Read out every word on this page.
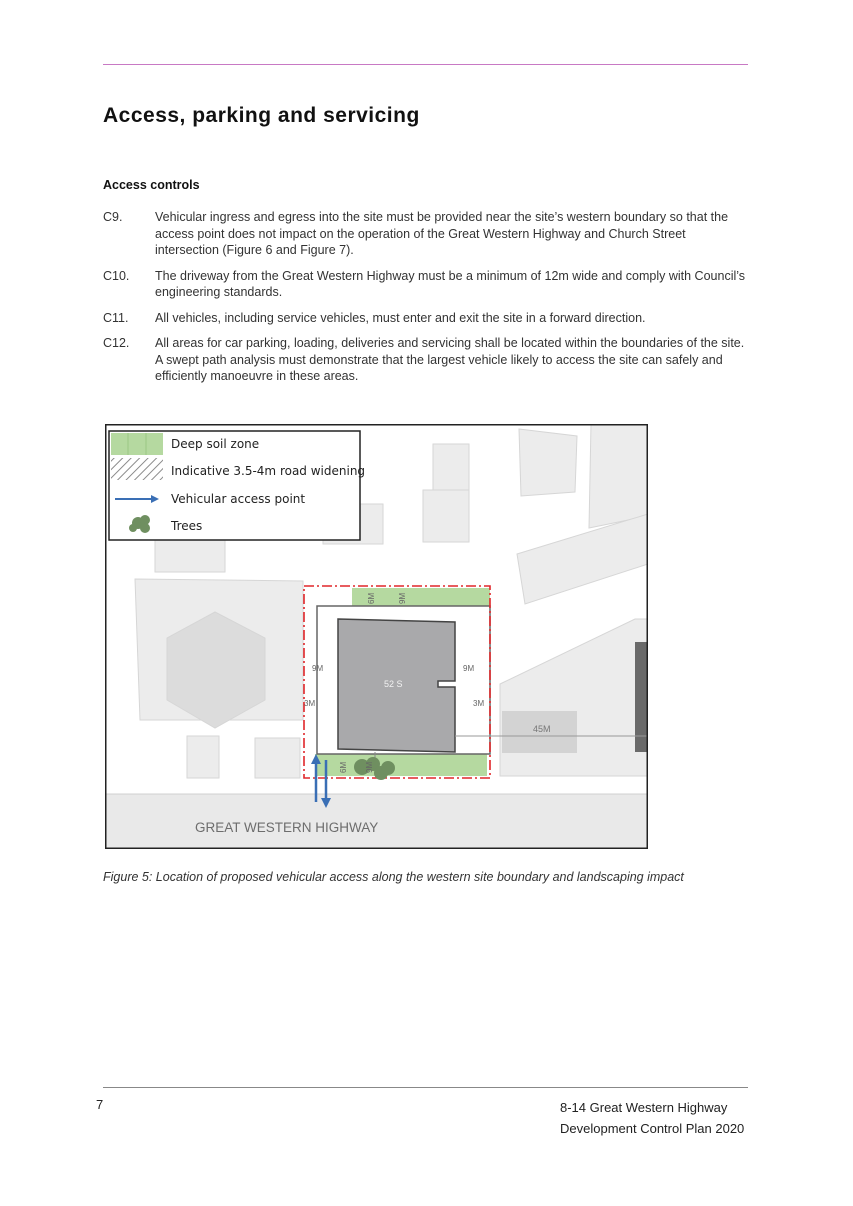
Access, parking and servicing
Access controls
C9.	Vehicular ingress and egress into the site must be provided near the site’s western boundary so that the access point does not impact on the operation of the Great Western Highway and Church Street intersection (Figure 6 and Figure 7).
C10.	The driveway from the Great Western Highway must be a minimum of 12m wide and comply with Council’s engineering standards.
C11.	All vehicles, including service vehicles, must enter and exit the site in a forward direction.
C12.	All areas for car parking, loading, deliveries and servicing shall be located within the boundaries of the site. A swept path analysis must demonstrate that the largest vehicle likely to access the site can safely and efficiently manoeuvre in these areas.
6M	9M
9M	9M
3M	3M
6M 9M
52 S
45M
GREAT WESTERN HIGHWAY
Deep soil zone
Indicative 3.5-4m road widening
Vehicular access point
Trees

Figure 5: Location of proposed vehicular access along the western site boundary and landscaping impact

7	8-14 Great Western Highway
Development Control Plan 2020
